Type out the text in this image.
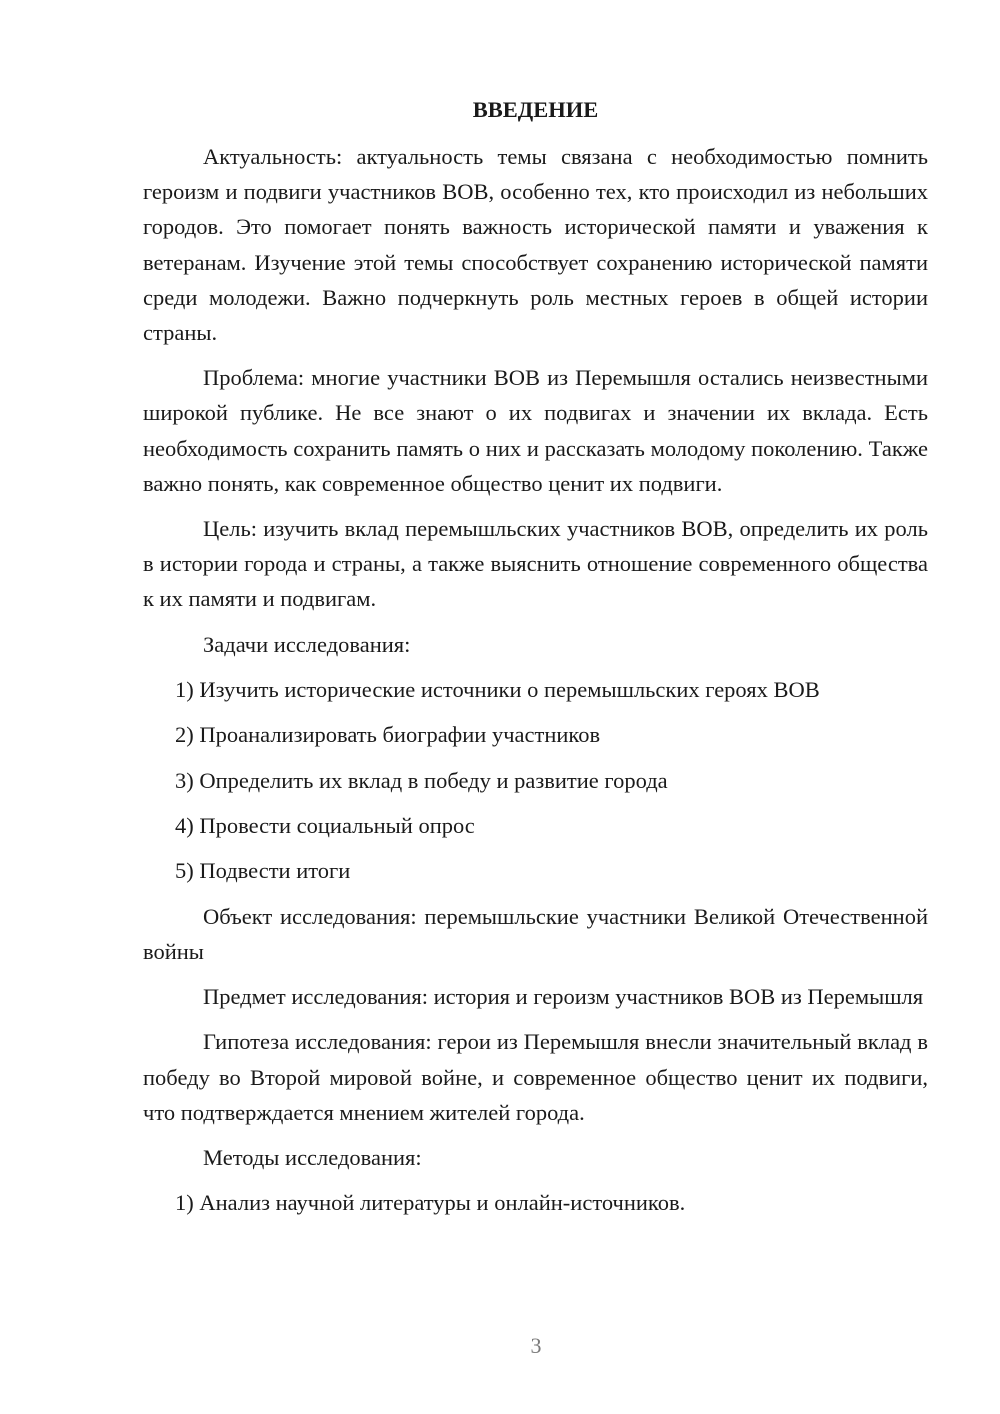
ВВЕДЕНИЕ

Актуальность: актуальность темы связана с необходимостью помнить героизм и подвиги участников ВОВ, особенно тех, кто происходил из небольших городов. Это помогает понять важность исторической памяти и уважения к ветеранам. Изучение этой темы способствует сохранению исторической памяти среди молодежи. Важно подчеркнуть роль местных героев в общей истории страны.

Проблема: многие участники ВОВ из Перемышля остались неизвестными широкой публике. Не все знают о их подвигах и значении их вклада. Есть необходимость сохранить память о них и рассказать молодому поколению. Также важно понять, как современное общество ценит их подвиги.

Цель: изучить вклад перемышльских участников ВОВ, определить их роль в истории города и страны, а также выяснить отношение современного общества к их памяти и подвигам.

Задачи исследования:
1) Изучить исторические источники о перемышльских героях ВОВ
2) Проанализировать биографии участников
3) Определить их вклад в победу и развитие города
4) Провести социальный опрос
5) Подвести итоги

Объект исследования: перемышльские участники Великой Отечественной войны

Предмет исследования: история и героизм участников ВОВ из Перемышля

Гипотеза исследования: герои из Перемышля внесли значительный вклад в победу во Второй мировой войне, и современное общество ценит их подвиги, что подтверждается мнением жителей города.

Методы исследования:
1) Анализ научной литературы и онлайн-источников.
3
